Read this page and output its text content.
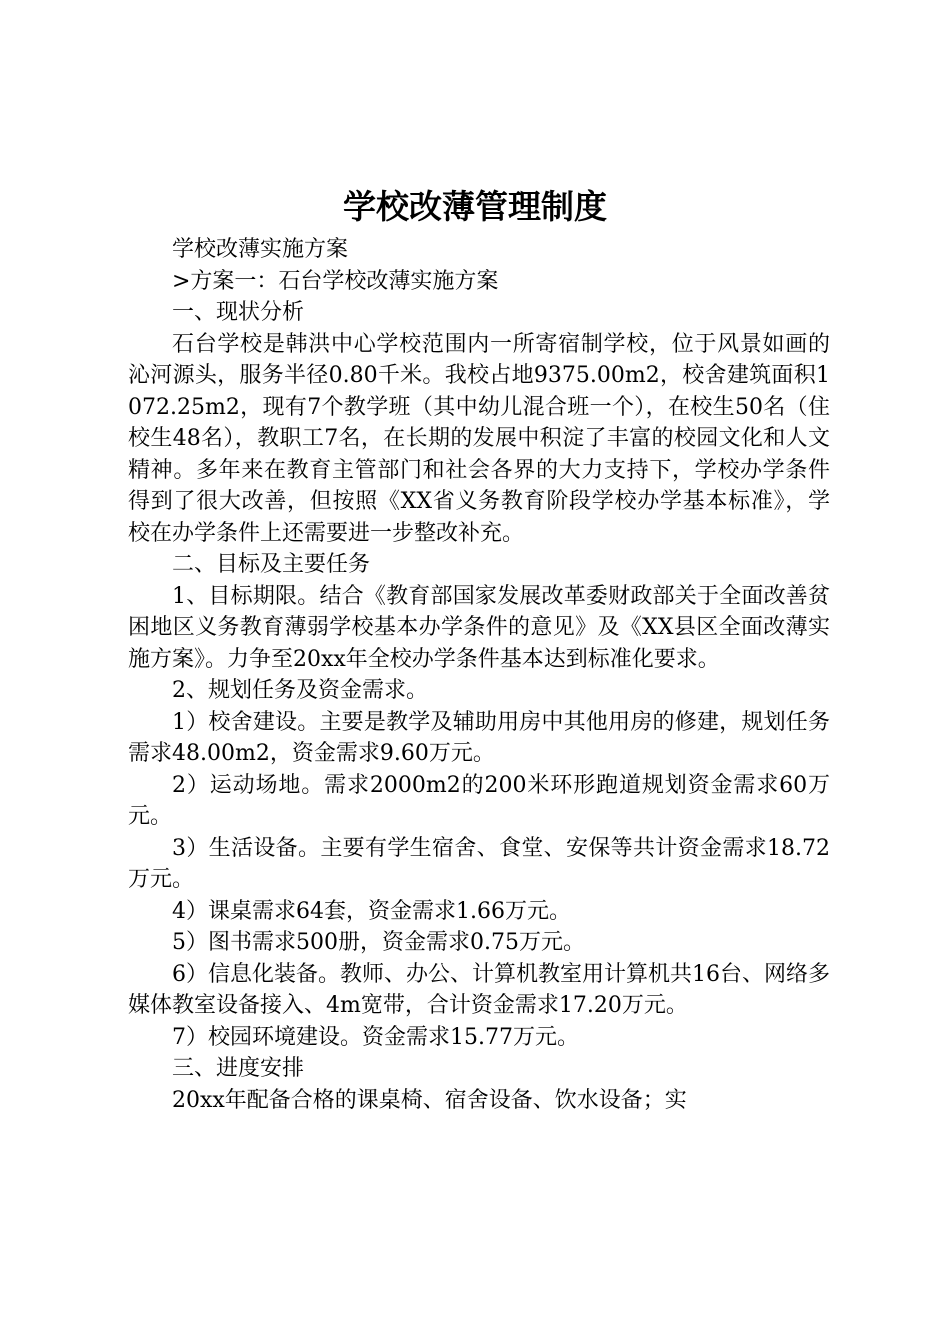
学校改薄管理制度

学校改薄实施方案

>方案一：石台学校改薄实施方案

一、现状分析

石台学校是韩洪中心学校范围内一所寄宿制学校，位于风景如画的沁河源头，服务半径0.80千米。我校占地9375.00m2，校舍建筑面积1072.25m2，现有7个教学班（其中幼儿混合班一个），在校生50名（住校生48名），教职工7名，在长期的发展中积淀了丰富的校园文化和人文精神。多年来在教育主管部门和社会各界的大力支持下，学校办学条件得到了很大改善，但按照《XX省义务教育阶段学校办学基本标准》，学校在办学条件上还需要进一步整改补充。

二、目标及主要任务

1、目标期限。结合《教育部国家发展改革委财政部关于全面改善贫困地区义务教育薄弱学校基本办学条件的意见》及《XX县区全面改薄实施方案》。力争至20xx年全校办学条件基本达到标准化要求。

2、规划任务及资金需求。

1）校舍建设。主要是教学及辅助用房中其他用房的修建，规划任务需求48.00m2，资金需求9.60万元。

2）运动场地。需求2000m2的200米环形跑道规划资金需求60万元。

3）生活设备。主要有学生宿舍、食堂、安保等共计资金需求18.72万元。

4）课桌需求64套，资金需求1.66万元。

5）图书需求500册，资金需求0.75万元。

6）信息化装备。教师、办公、计算机教室用计算机共16台、网络多媒体教室设备接入、4m宽带，合计资金需求17.20万元。

7）校园环境建设。资金需求15.77万元。

三、进度安排

20xx年配备合格的课桌椅、宿舍设备、饮水设备；实
